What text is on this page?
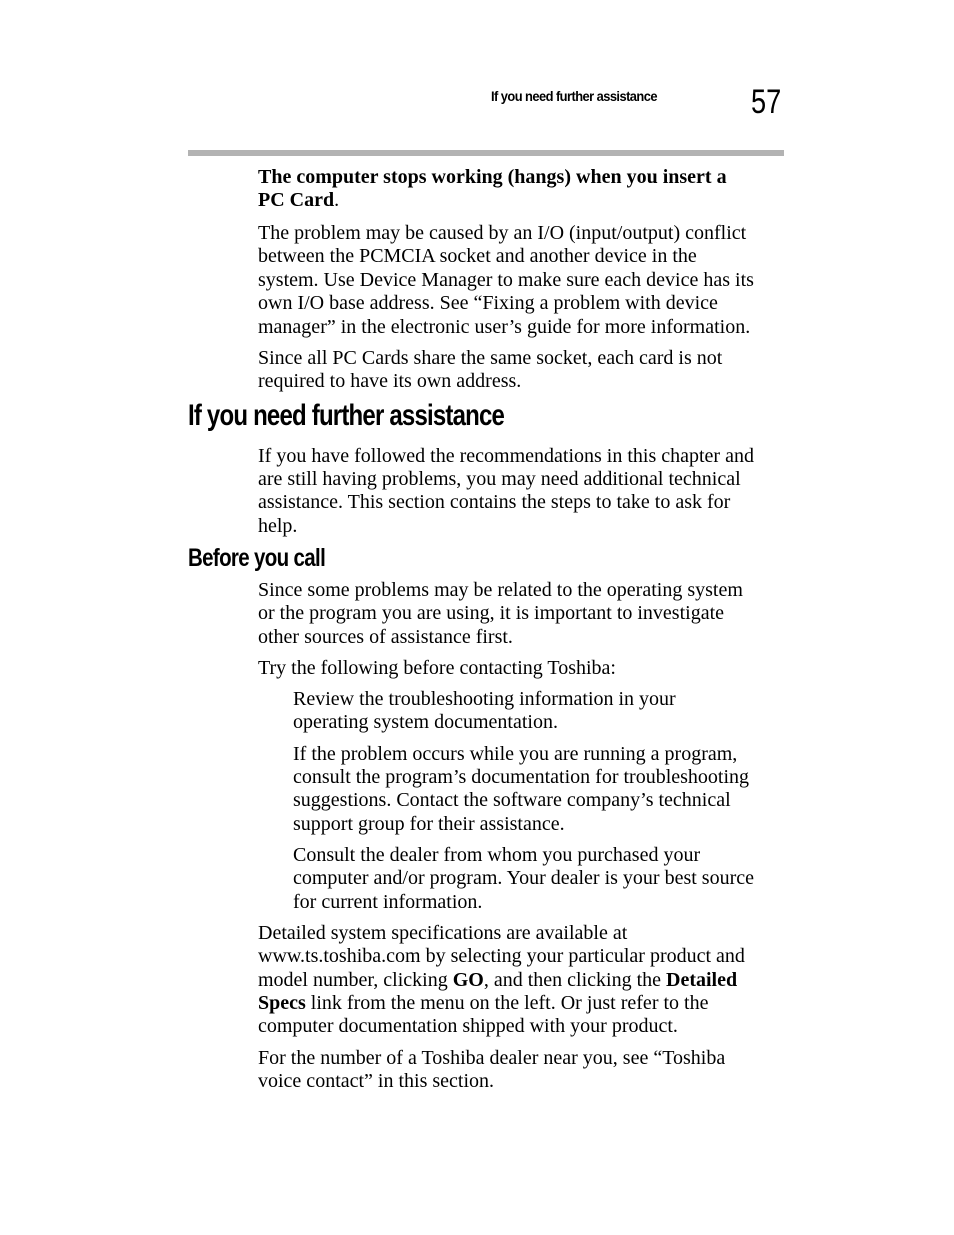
If you need further assistance	57

The computer stops working (hangs) when you insert a

PC Card.

The problem may be caused by an I/O (input/output) conflict

between the PCMCIA socket and another device in the

system. Use Device Manager to make sure each device has its

own I/O base address. See “Fixing a problem with device

manager” in the electronic user’s guide for more information.

Since all PC Cards share the same socket, each card is not

required to have its own address.

If you need further assistance

If you have followed the recommendations in this chapter and

are still having problems, you may need additional technical

assistance. This section contains the steps to take to ask for

help.

Before you call

Since some problems may be related to the operating system

or the program you are using, it is important to investigate

other sources of assistance first.

Try the following before contacting Toshiba:

Review the troubleshooting information in your

operating system documentation.

If the problem occurs while you are running a program,

consult the program’s documentation for troubleshooting

suggestions. Contact the software company’s technical

support group for their assistance.

Consult the dealer from whom you purchased your

computer and/or program. Your dealer is your best source

for current information.

Detailed system specifications are available at

www.ts.toshiba.com by selecting your particular product and

model number, clicking GO, and then clicking the Detailed

Specs link from the menu on the left. Or just refer to the

computer documentation shipped with your product.

For the number of a Toshiba dealer near you, see “Toshiba

voice contact” in this section.
